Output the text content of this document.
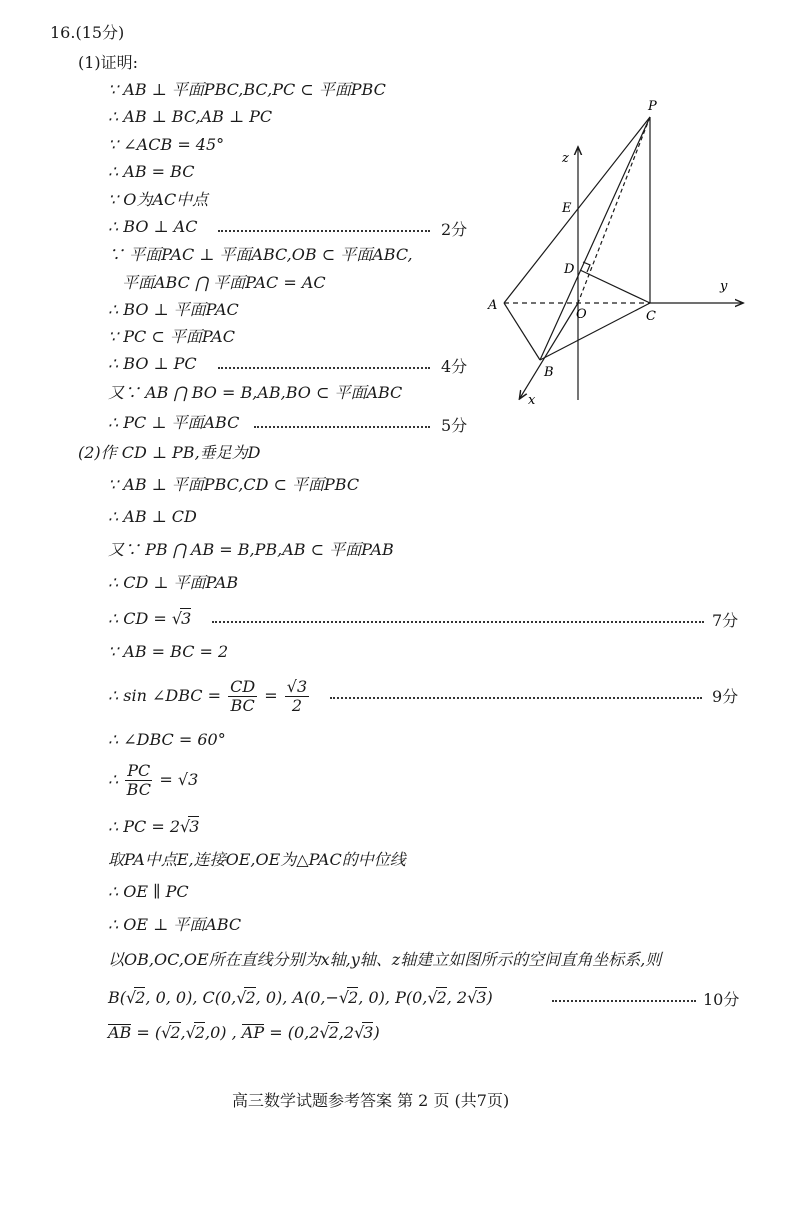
16.(15分)
(1)证明:
∵ AB ⊥ 平面PBC,BC,PC ⊂ 平面PBC
∴ AB ⊥ BC,AB ⊥ PC
∵ ∠ACB = 45°
∴ AB = BC
∵ O为AC中点
∴ BO ⊥ AC	2分
∵ 平面PAC ⊥ 平面ABC,OB ⊂ 平面ABC,
平面ABC ⋂ 平面PAC = AC
∴ BO ⊥ 平面PAC
∵ PC ⊂ 平面PAC
∴ BO ⊥ PC	4分
又∵ AB ⋂ BO = B,AB,BO ⊂ 平面ABC
∴ PC ⊥ 平面ABC	5分
P
z
E
D
A
O	C
y
B
x
(2)作 CD ⊥ PB,垂足为D
∵ AB ⊥ 平面PBC,CD ⊂ 平面PBC
∴ AB ⊥ CD
又∵ PB ⋂ AB = B,PB,AB ⊂ 平面PAB
∴ CD ⊥ 平面PAB
∴ CD = √3	7分
∵ AB = BC = 2
∴ sin ∠DBC = $\frac{CD}{BC} = \frac{√3}{2}$	9分
∴ ∠DBC = 60°
∴ $\frac{PC}{BC} = √3$
∴ PC = 2√3
取PA中点E,连接OE,OE为△PAC的中位线
∴ OE ∥ PC
∴ OE ⊥ 平面ABC
以OB,OC,OE所在直线分别为x轴,y轴、z轴建立如图所示的空间直角坐标系,则
B(√2, 0, 0), C(0,√2, 0), A(0,−√2, 0), P(0,√2, 2√3)	10分
AB = (√2,√2,0) , AP = (0,2√2,2√3)
高三数学试题参考答案 第 2 页 (共7页)
